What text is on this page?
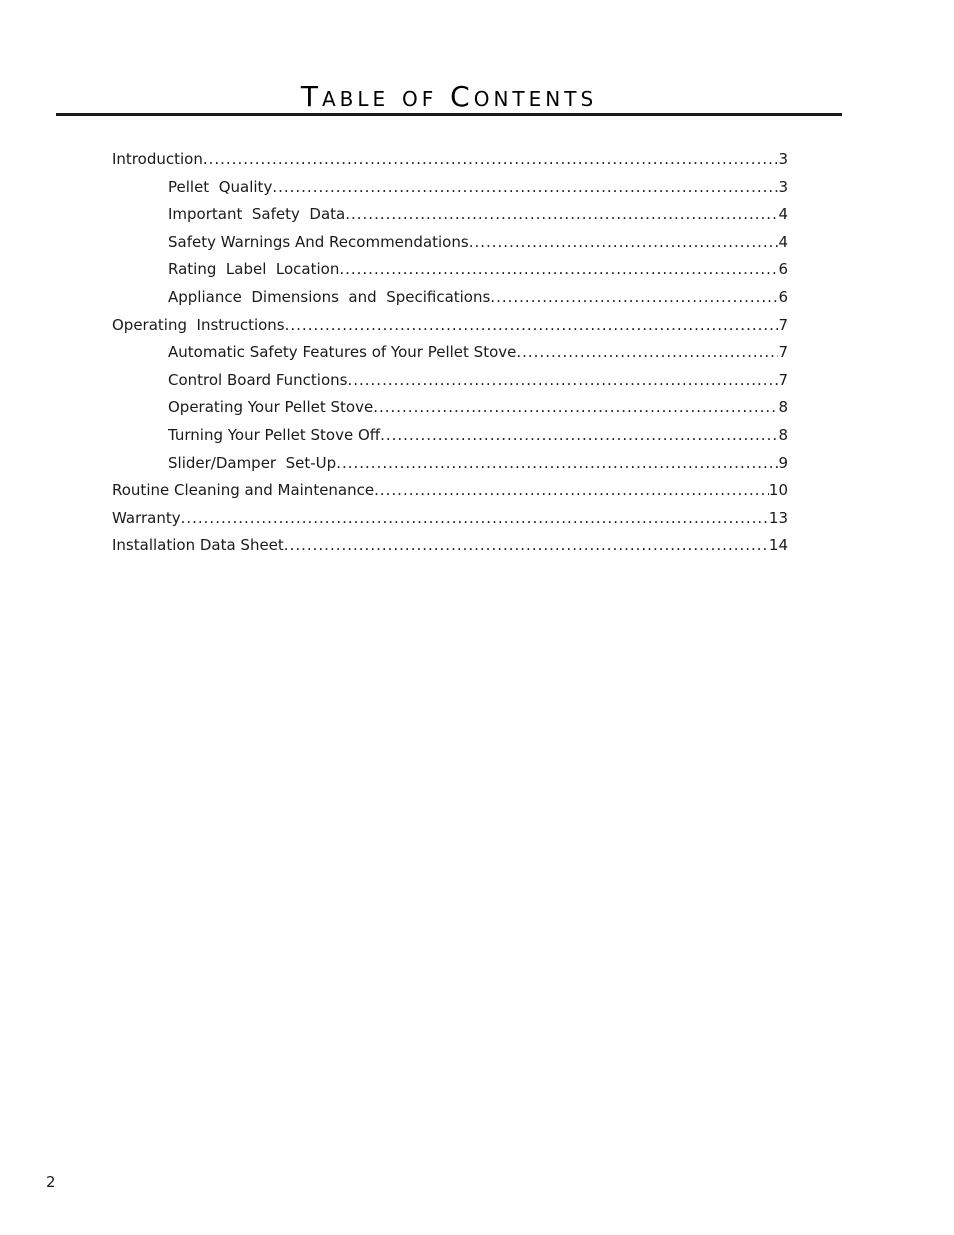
Table of Contents
Introduction .....	3
Pellet  Quality .....	3
Important  Safety  Data .....	4
Safety Warnings And Recommendations .....	4
Rating  Label  Location .....	6
Appliance  Dimensions  and  Specifications .....	6
Operating  Instructions .....	7
Automatic Safety Features of Your Pellet Stove .....	7
Control Board Functions .....	7
Operating Your Pellet Stove .....	8
Turning Your Pellet Stove Off .....	8
Slider/Damper  Set-Up .....	9
Routine Cleaning and Maintenance .....	10
Warranty .....	13
Installation Data Sheet .....	14
2
